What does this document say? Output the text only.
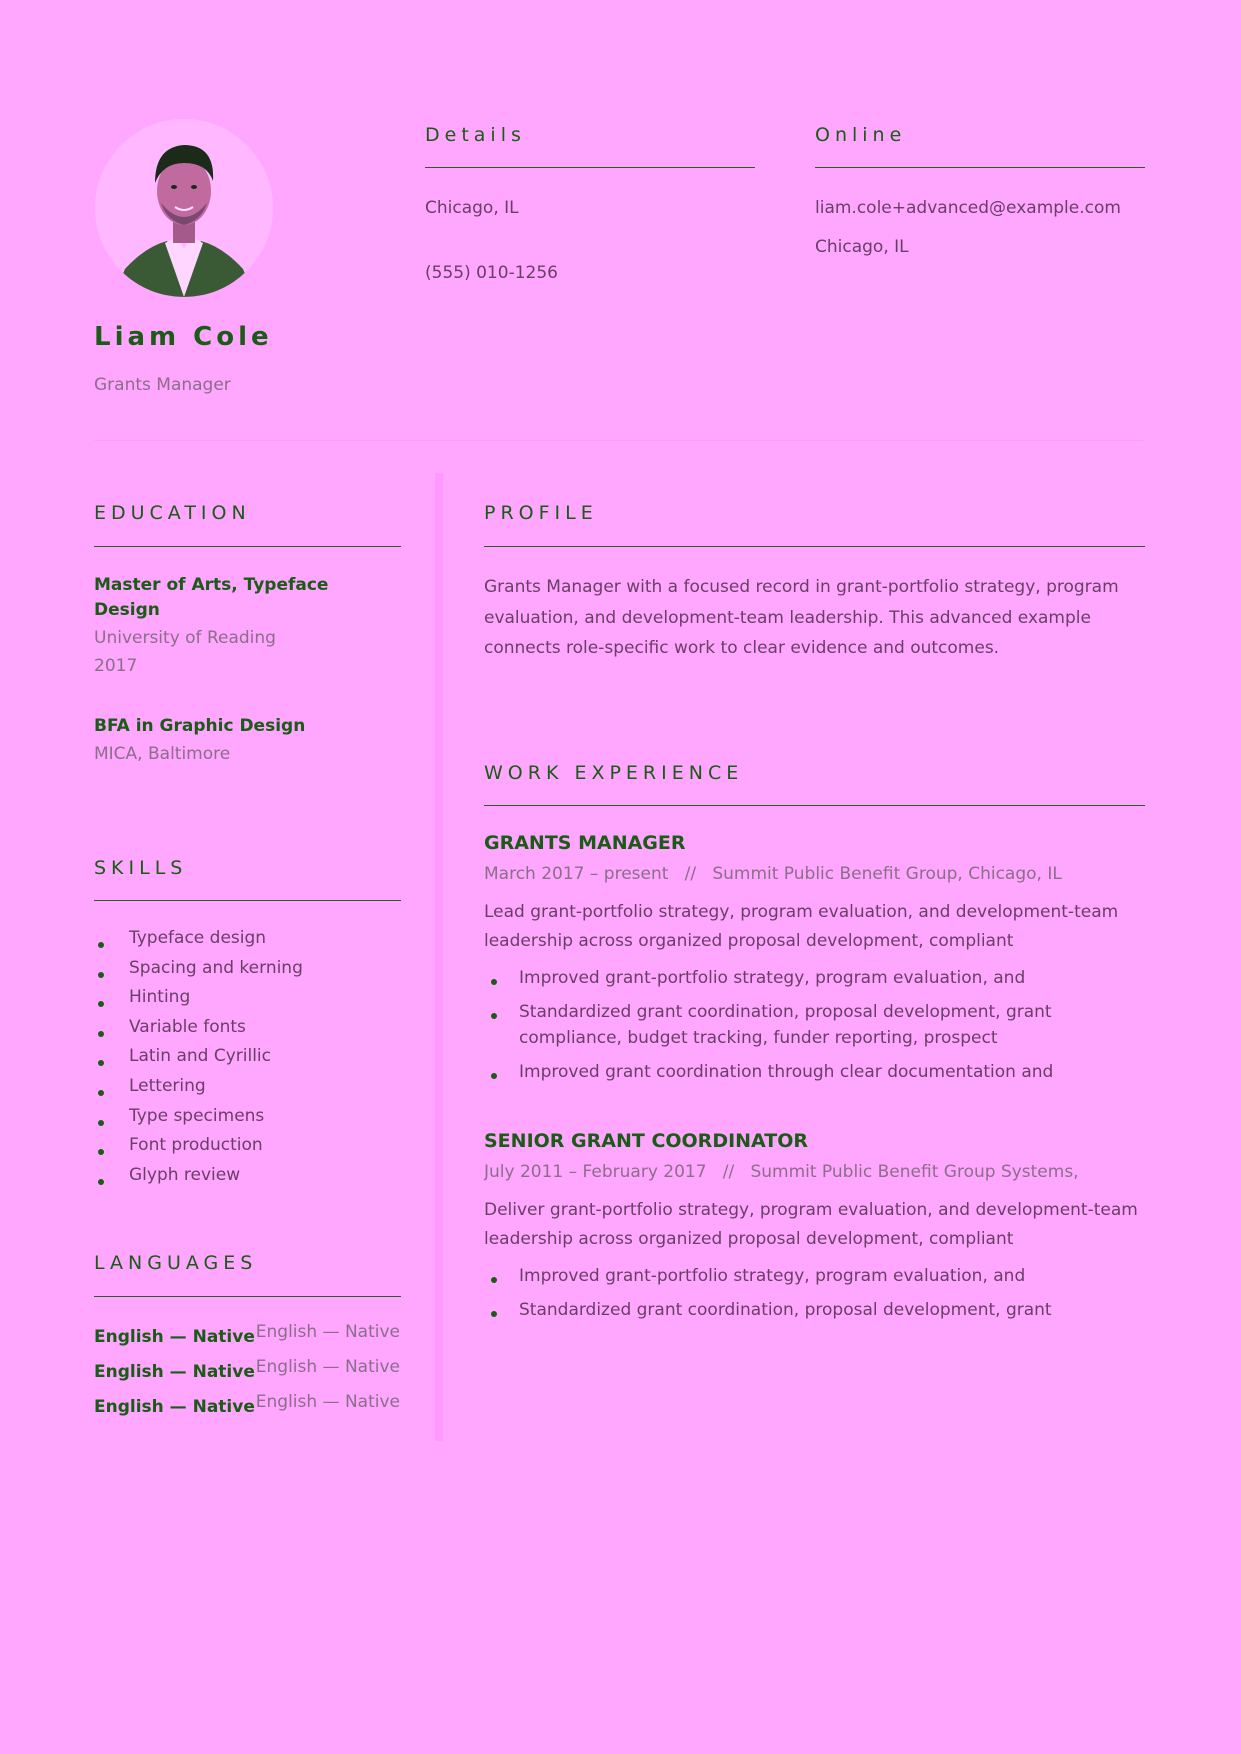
Liam Cole
Grants Manager
Details
Chicago, IL
(555) 010-1256
Online
liam.cole+advanced@example.com
Chicago, IL
EDUCATION
Master of Arts, Typeface Design
University of Reading
2017
BFA in Graphic Design
MICA, Baltimore
SKILLS
Typeface design
Spacing and kerning
Hinting
Variable fonts
Latin and Cyrillic
Lettering
Type specimens
Font production
Glyph review
LANGUAGES
English — Native English — Native
English — Native English — Native
English — Native English — Native
PROFILE
Grants Manager with a focused record in grant-portfolio strategy, program evaluation, and development-team leadership. This advanced example connects role-specific work to clear evidence and outcomes.
WORK EXPERIENCE
GRANTS MANAGER
March 2017 – present // Summit Public Benefit Group, Chicago, IL
Lead grant-portfolio strategy, program evaluation, and development-team leadership across organized proposal development, compliant
Improved grant-portfolio strategy, program evaluation, and
Standardized grant coordination, proposal development, grant compliance, budget tracking, funder reporting, prospect
Improved grant coordination through clear documentation and
SENIOR GRANT COORDINATOR
July 2011 – February 2017 // Summit Public Benefit Group Systems,
Deliver grant-portfolio strategy, program evaluation, and development-team leadership across organized proposal development, compliant
Improved grant-portfolio strategy, program evaluation, and
Standardized grant coordination, proposal development, grant
